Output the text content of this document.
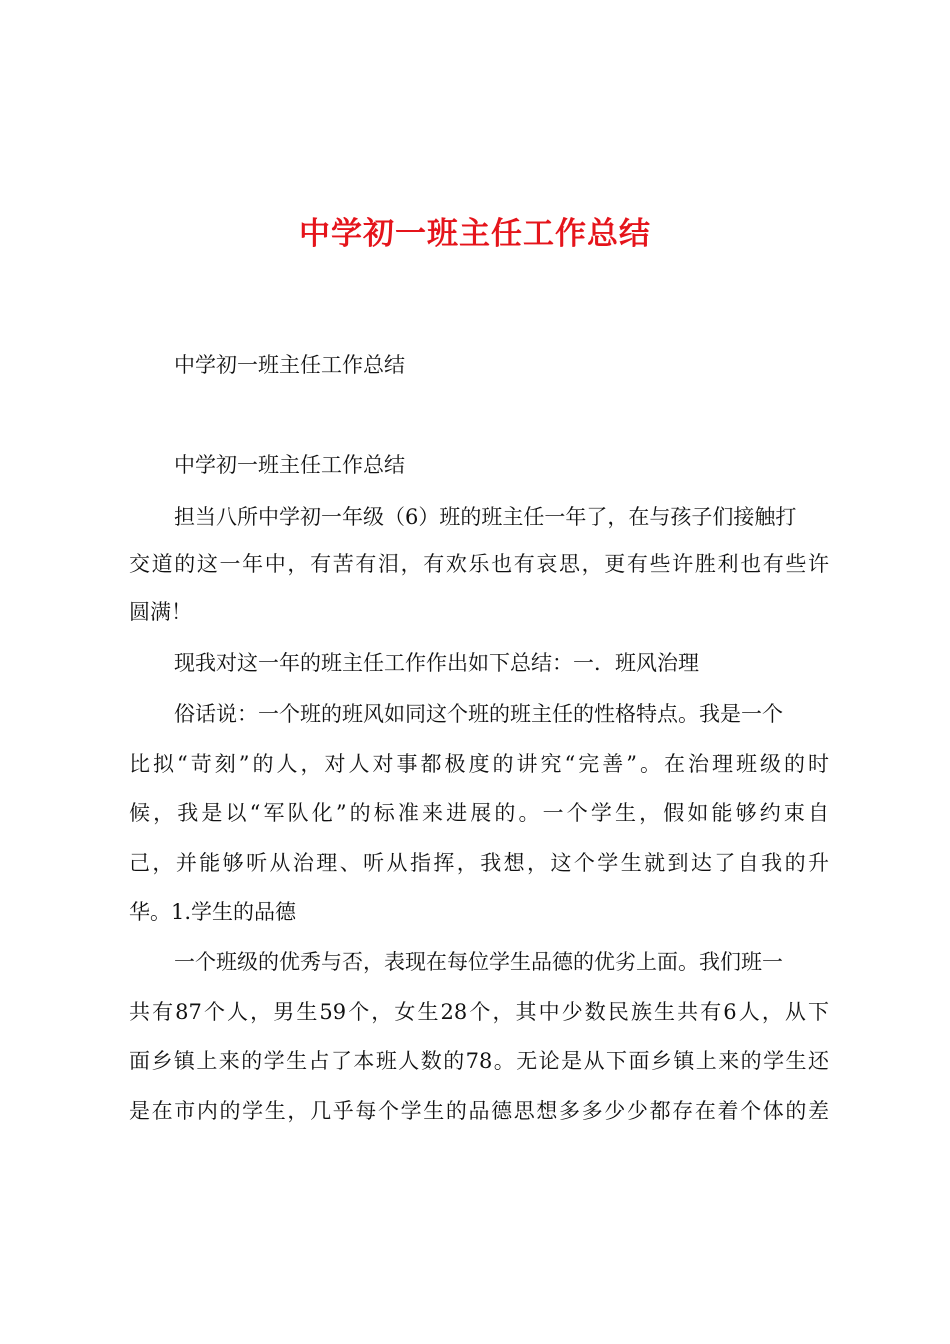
中学初一班主任工作总结
中学初一班主任工作总结
中学初一班主任工作总结
担当八所中学初一年级（6）班的班主任一年了，在与孩子们接触打
交道的这一年中，有苦有泪，有欢乐也有哀思，更有些许胜利也有些许
圆满！
现我对这一年的班主任工作作出如下总结：一．班风治理
俗话说：一个班的班风如同这个班的班主任的性格特点。我是一个
比拟“苛刻”的人，对人对事都极度的讲究“完善”。在治理班级的时
候，我是以“军队化”的标准来进展的。一个学生，假如能够约束自
己，并能够听从治理、听从指挥，我想，这个学生就到达了自我的升
华。1.学生的品德
一个班级的优秀与否，表现在每位学生品德的优劣上面。我们班一
共有87个人，男生59个，女生28个，其中少数民族生共有6人，从下
面乡镇上来的学生占了本班人数的78。无论是从下面乡镇上来的学生还
是在市内的学生，几乎每个学生的品德思想多多少少都存在着个体的差
